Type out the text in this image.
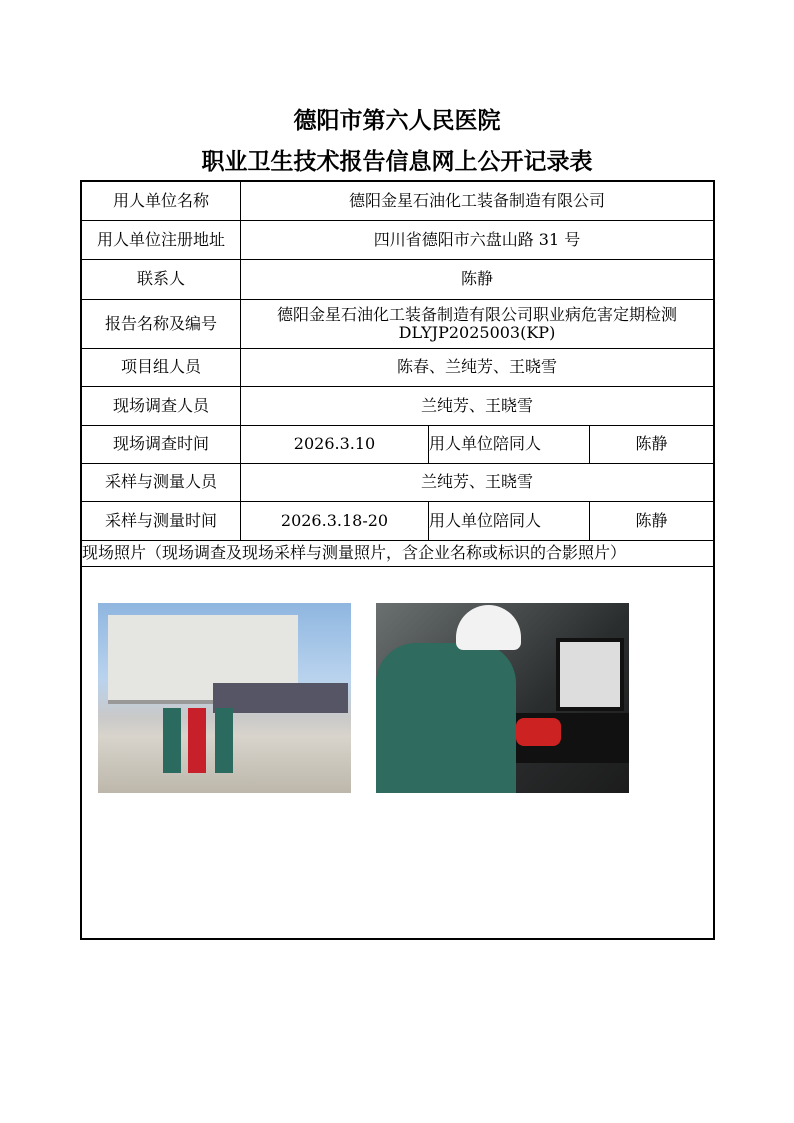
德阳市第六人民医院
职业卫生技术报告信息网上公开记录表
用人单位名称	德阳金星石油化工装备制造有限公司		
用人单位注册地址	四川省德阳市六盘山路 31 号		
联系人	陈静		
报告名称及编号	德阳金星石油化工装备制造有限公司职业病危害定期检测
DLYJP2025003(KP)		

项目组人员	陈春、兰纯芳、王晓雪		
现场调查人员	兰纯芳、王晓雪		
现场调查时间	2026.3.10	用人单位陪同人	陈静
采样与测量人员	兰纯芳、王晓雪		
采样与测量时间	2026.3.18-20	用人单位陪同人	陈静
现场照片（现场调查及现场采样与测量照片，含企业名称或标识的合影照片）			
